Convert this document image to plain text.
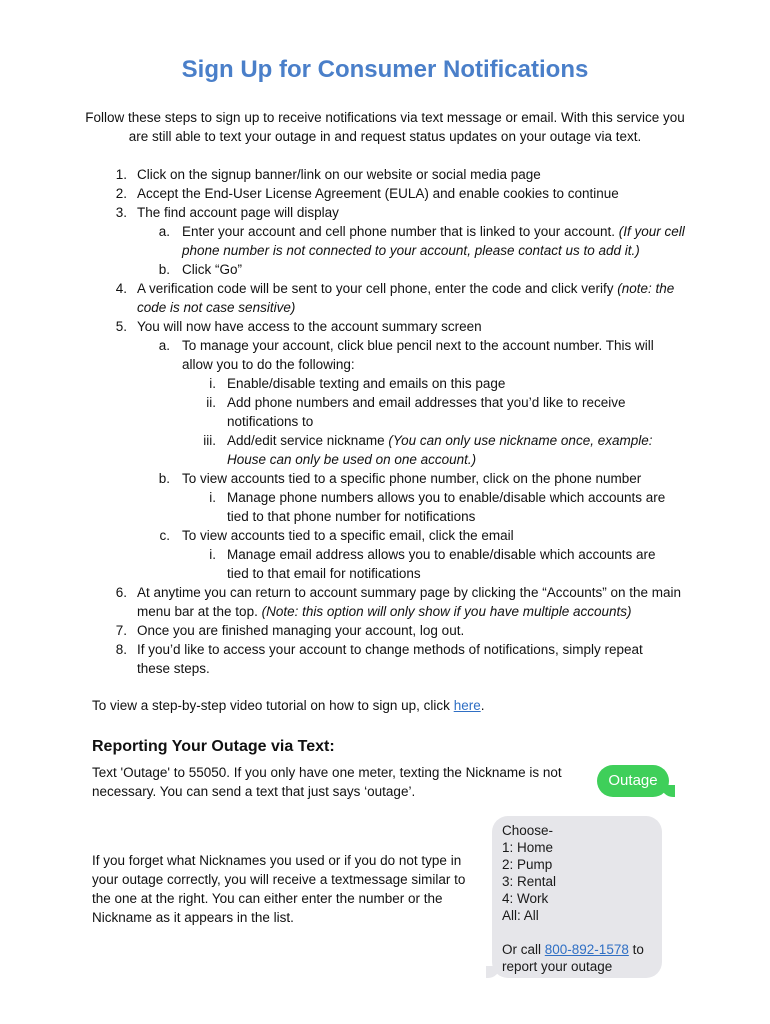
Sign Up for Consumer Notifications
Follow these steps to sign up to receive notifications via text message or email. With this service you are still able to text your outage in and request status updates on your outage via text.
1. Click on the signup banner/link on our website or social media page
2. Accept the End-User License Agreement (EULA) and enable cookies to continue
3. The find account page will display
a. Enter your account and cell phone number that is linked to your account. (If your cell phone number is not connected to your account, please contact us to add it.)
b. Click “Go”
4. A verification code will be sent to your cell phone, enter the code and click verify (note: the code is not case sensitive)
5. You will now have access to the account summary screen
a. To manage your account, click blue pencil next to the account number. This will allow you to do the following:
i. Enable/disable texting and emails on this page
ii. Add phone numbers and email addresses that you’d like to receive notifications to
iii. Add/edit service nickname (You can only use nickname once, example: House can only be used on one account.)
b. To view accounts tied to a specific phone number, click on the phone number
i. Manage phone numbers allows you to enable/disable which accounts are tied to that phone number for notifications
c. To view accounts tied to a specific email, click the email
i. Manage email address allows you to enable/disable which accounts are tied to that email for notifications
6. At anytime you can return to account summary page by clicking the “Accounts” on the main menu bar at the top. (Note: this option will only show if you have multiple accounts)
7. Once you are finished managing your account, log out.
8. If you’d like to access your account to change methods of notifications, simply repeat these steps.
To view a step-by-step video tutorial on how to sign up, click here.
Reporting Your Outage via Text:
Text 'Outage' to 55050. If you only have one meter, texting the Nickname is not necessary. You can send a text that just says ‘outage’.
If you forget what Nicknames you used or if you do not type in your outage correctly, you will receive a textmessage similar to the one at the right. You can either enter the number or the Nickname as it appears in the list.
Outage
Choose-
1: Home
2: Pump
3: Rental
4: Work
All: All
Or call 800-892-1578 to
report your outage
